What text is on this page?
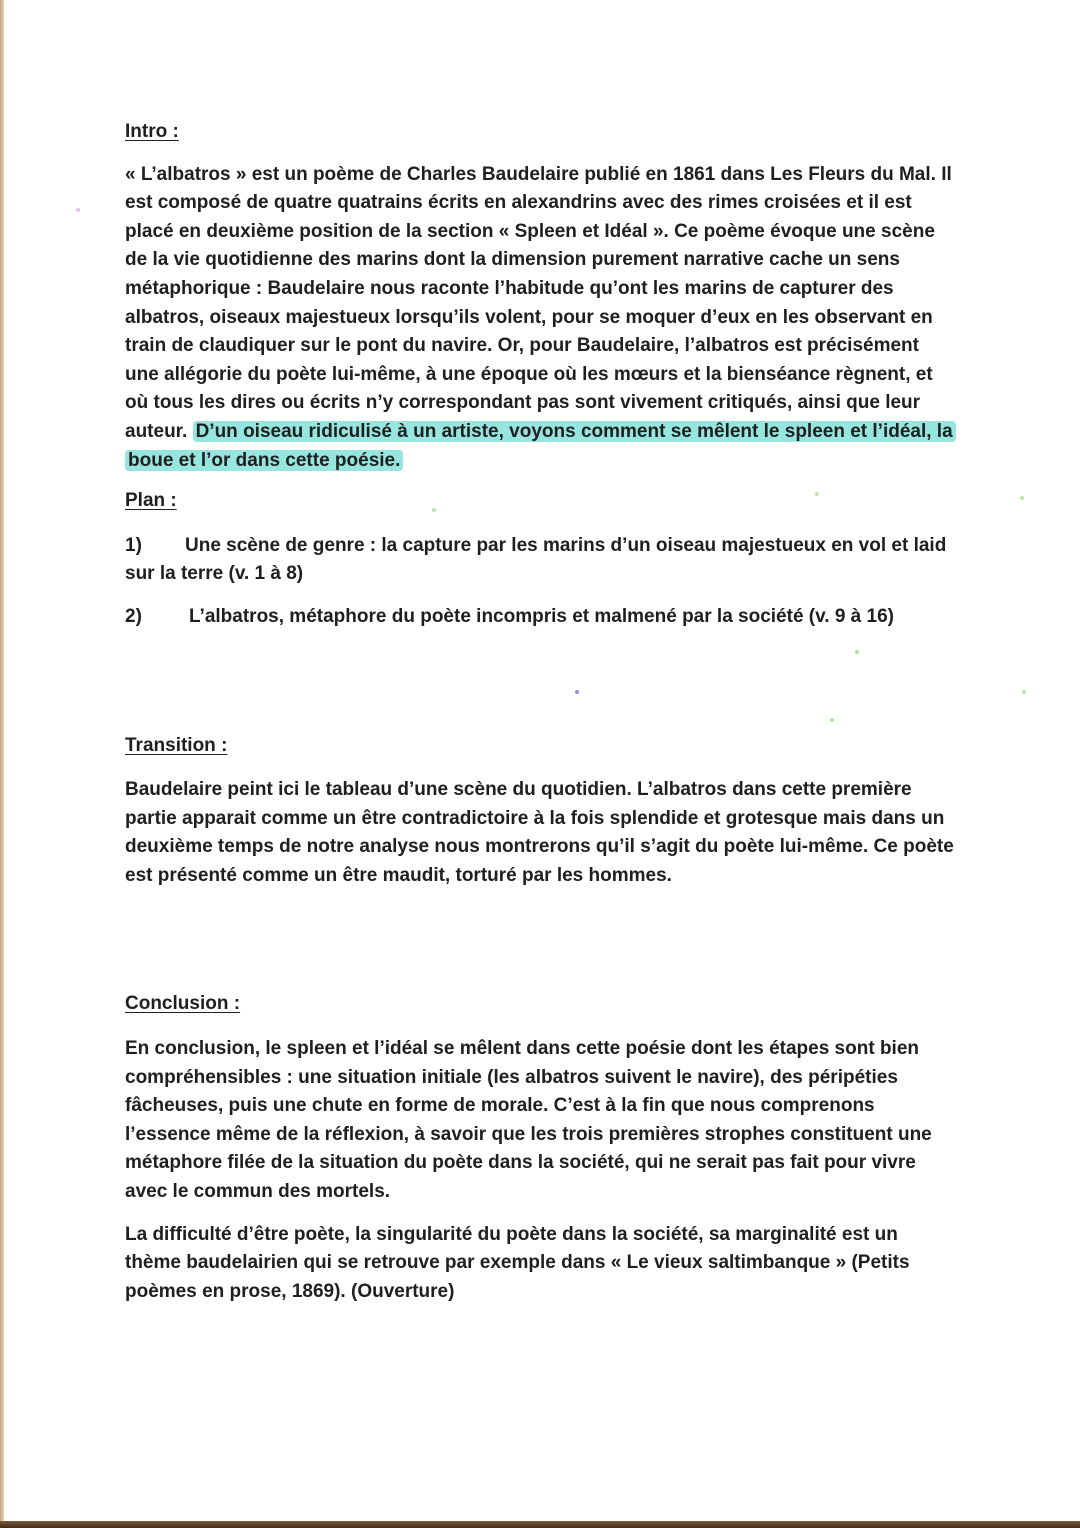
Intro :

« L’albatros » est un poème de Charles Baudelaire publié en 1861 dans Les Fleurs du Mal. Il est composé de quatre quatrains écrits en alexandrins avec des rimes croisées et il est placé en deuxième position de la section « Spleen et Idéal ». Ce poème évoque une scène de la vie quotidienne des marins dont la dimension purement narrative cache un sens métaphorique : Baudelaire nous raconte l’habitude qu’ont les marins de capturer des albatros, oiseaux majestueux lorsqu’ils volent, pour se moquer d’eux en les observant en train de claudiquer sur le pont du navire. Or, pour Baudelaire, l’albatros est précisément une allégorie du poète lui-même, à une époque où les mœurs et la bienséance règnent, et où tous les dires ou écrits n’y correspondant pas sont vivement critiqués, ainsi que leur auteur. D’un oiseau ridiculisé à un artiste, voyons comment se mêlent le spleen et l’idéal, la boue et l’or dans cette poésie.

Plan :
1) Une scène de genre : la capture par les marins d’un oiseau majestueux en vol et laid sur la terre (v. 1 à 8)
2)	L’albatros, métaphore du poète incompris et malmené par la société (v. 9 à 16)
Transition :

Baudelaire peint ici le tableau d’une scène du quotidien. L’albatros dans cette première partie apparait comme un être contradictoire à la fois splendide et grotesque mais dans un deuxième temps de notre analyse nous montrerons qu’il s’agit du poète lui-même. Ce poète est présenté comme un être maudit, torturé par les hommes.

Conclusion :

En conclusion, le spleen et l’idéal se mêlent dans cette poésie dont les étapes sont bien compréhensibles : une situation initiale (les albatros suivent le navire), des péripéties fâcheuses, puis une chute en forme de morale. C’est à la fin que nous comprenons l’essence même de la réflexion, à savoir que les trois premières strophes constituent une métaphore filée de la situation du poète dans la société, qui ne serait pas fait pour vivre avec le commun des mortels.

La difficulté d’être poète, la singularité du poète dans la société, sa marginalité est un thème baudelairien qui se retrouve par exemple dans « Le vieux saltimbanque » (Petits poèmes en prose, 1869). (Ouverture)
